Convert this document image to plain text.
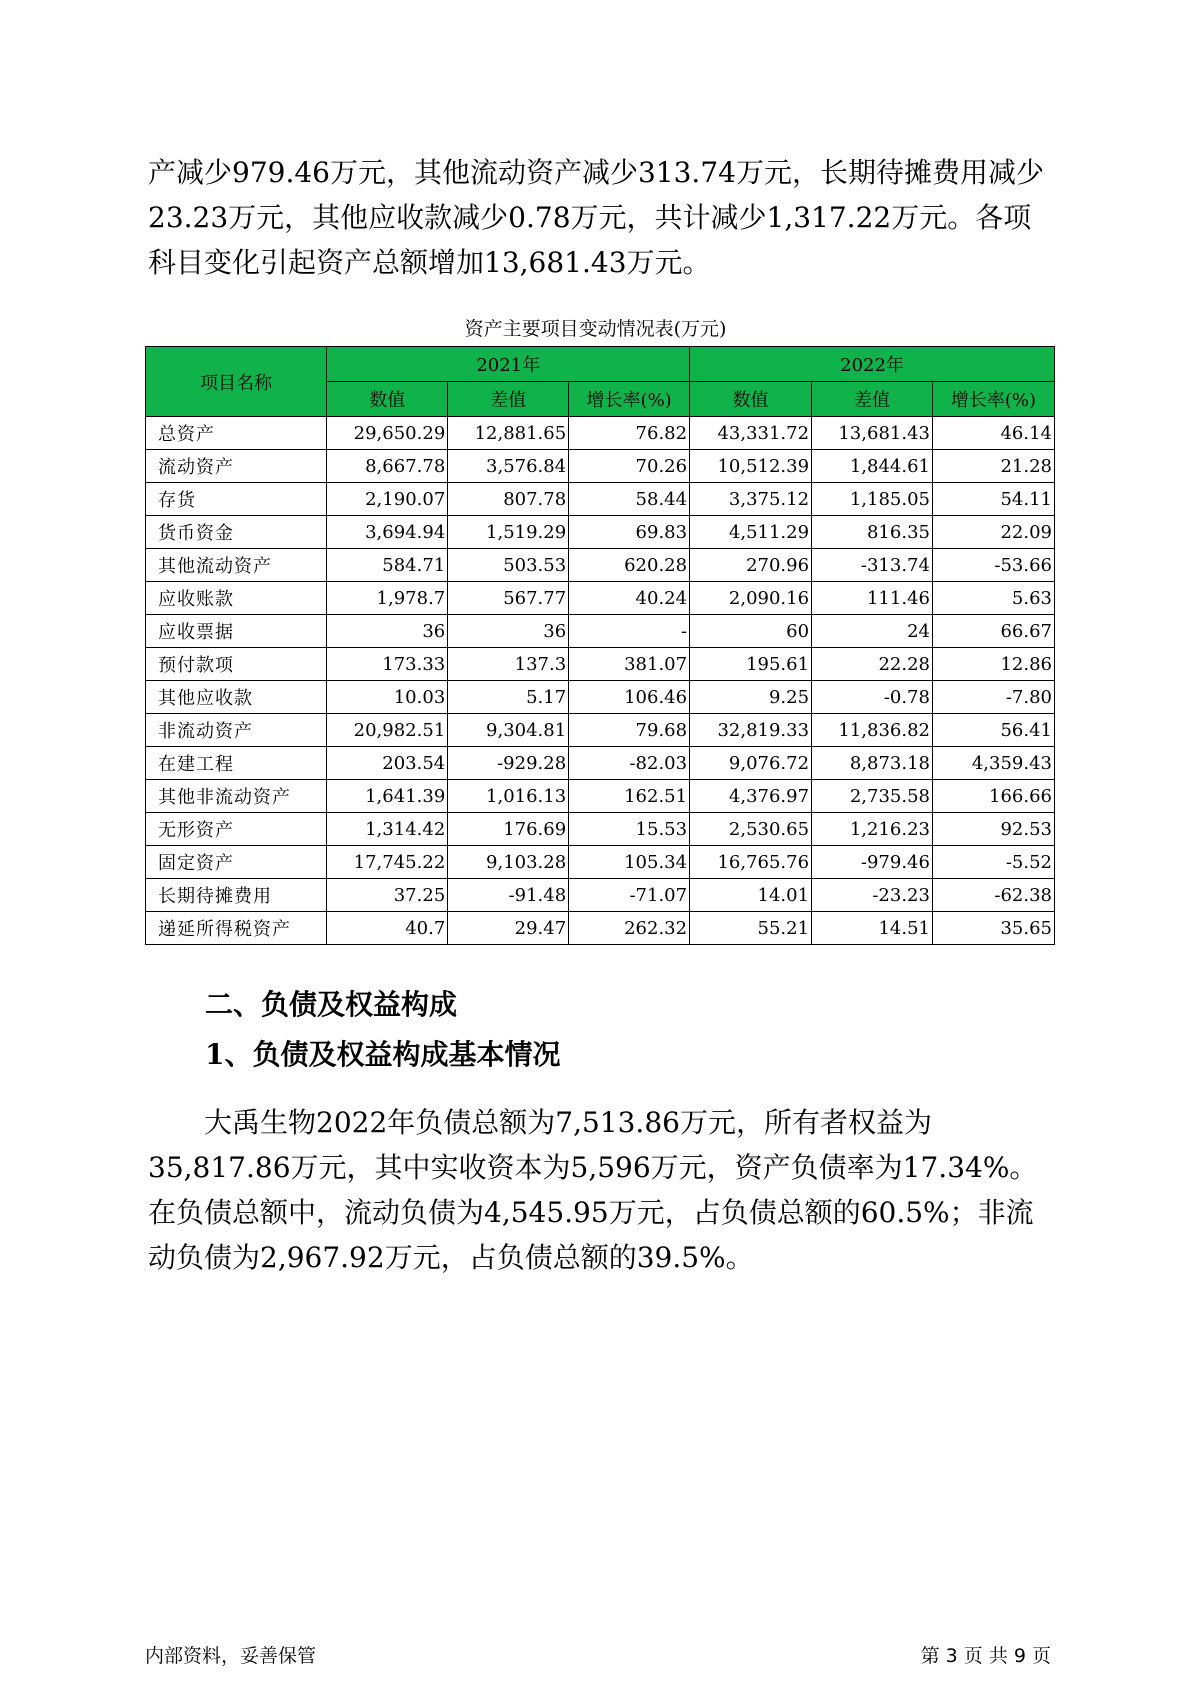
产减少979.46万元，其他流动资产减少313.74万元，长期待摊费用减少23.23万元，其他应收款减少0.78万元，共计减少1,317.22万元。各项科目变化引起资产总额增加13,681.43万元。

资产主要项目变动情况表(万元)
项目名称	2021年			2022年		
	数值	差值	增长率(%)	数值	差值	增长率(%)
总资产	29,650.29	12,881.65	76.82	43,331.72	13,681.43	46.14
流动资产	8,667.78	3,576.84	70.26	10,512.39	1,844.61	21.28
存货	2,190.07	807.78	58.44	3,375.12	1,185.05	54.11
货币资金	3,694.94	1,519.29	69.83	4,511.29	816.35	22.09
其他流动资产	584.71	503.53	620.28	270.96	-313.74	-53.66
应收账款	1,978.7	567.77	40.24	2,090.16	111.46	5.63
应收票据	36	36	-	60	24	66.67
预付款项	173.33	137.3	381.07	195.61	22.28	12.86
其他应收款	10.03	5.17	106.46	9.25	-0.78	-7.80
非流动资产	20,982.51	9,304.81	79.68	32,819.33	11,836.82	56.41
在建工程	203.54	-929.28	-82.03	9,076.72	8,873.18	4,359.43
其他非流动资产	1,641.39	1,016.13	162.51	4,376.97	2,735.58	166.66
无形资产	1,314.42	176.69	15.53	2,530.65	1,216.23	92.53
固定资产	17,745.22	9,103.28	105.34	16,765.76	-979.46	-5.52
长期待摊费用	37.25	-91.48	-71.07	14.01	-23.23	-62.38
递延所得税资产	40.7	29.47	262.32	55.21	14.51	35.65
二、负债及权益构成
1、负债及权益构成基本情况

大禹生物2022年负债总额为7,513.86万元，所有者权益为35,817.86万元，其中实收资本为5,596万元，资产负债率为17.34%。在负债总额中，流动负债为4,545.95万元，占负债总额的60.5%；非流动负债为2,967.92万元，占负债总额的39.5%。

内部资料，妥善保管	第 3 页 共 9 页
